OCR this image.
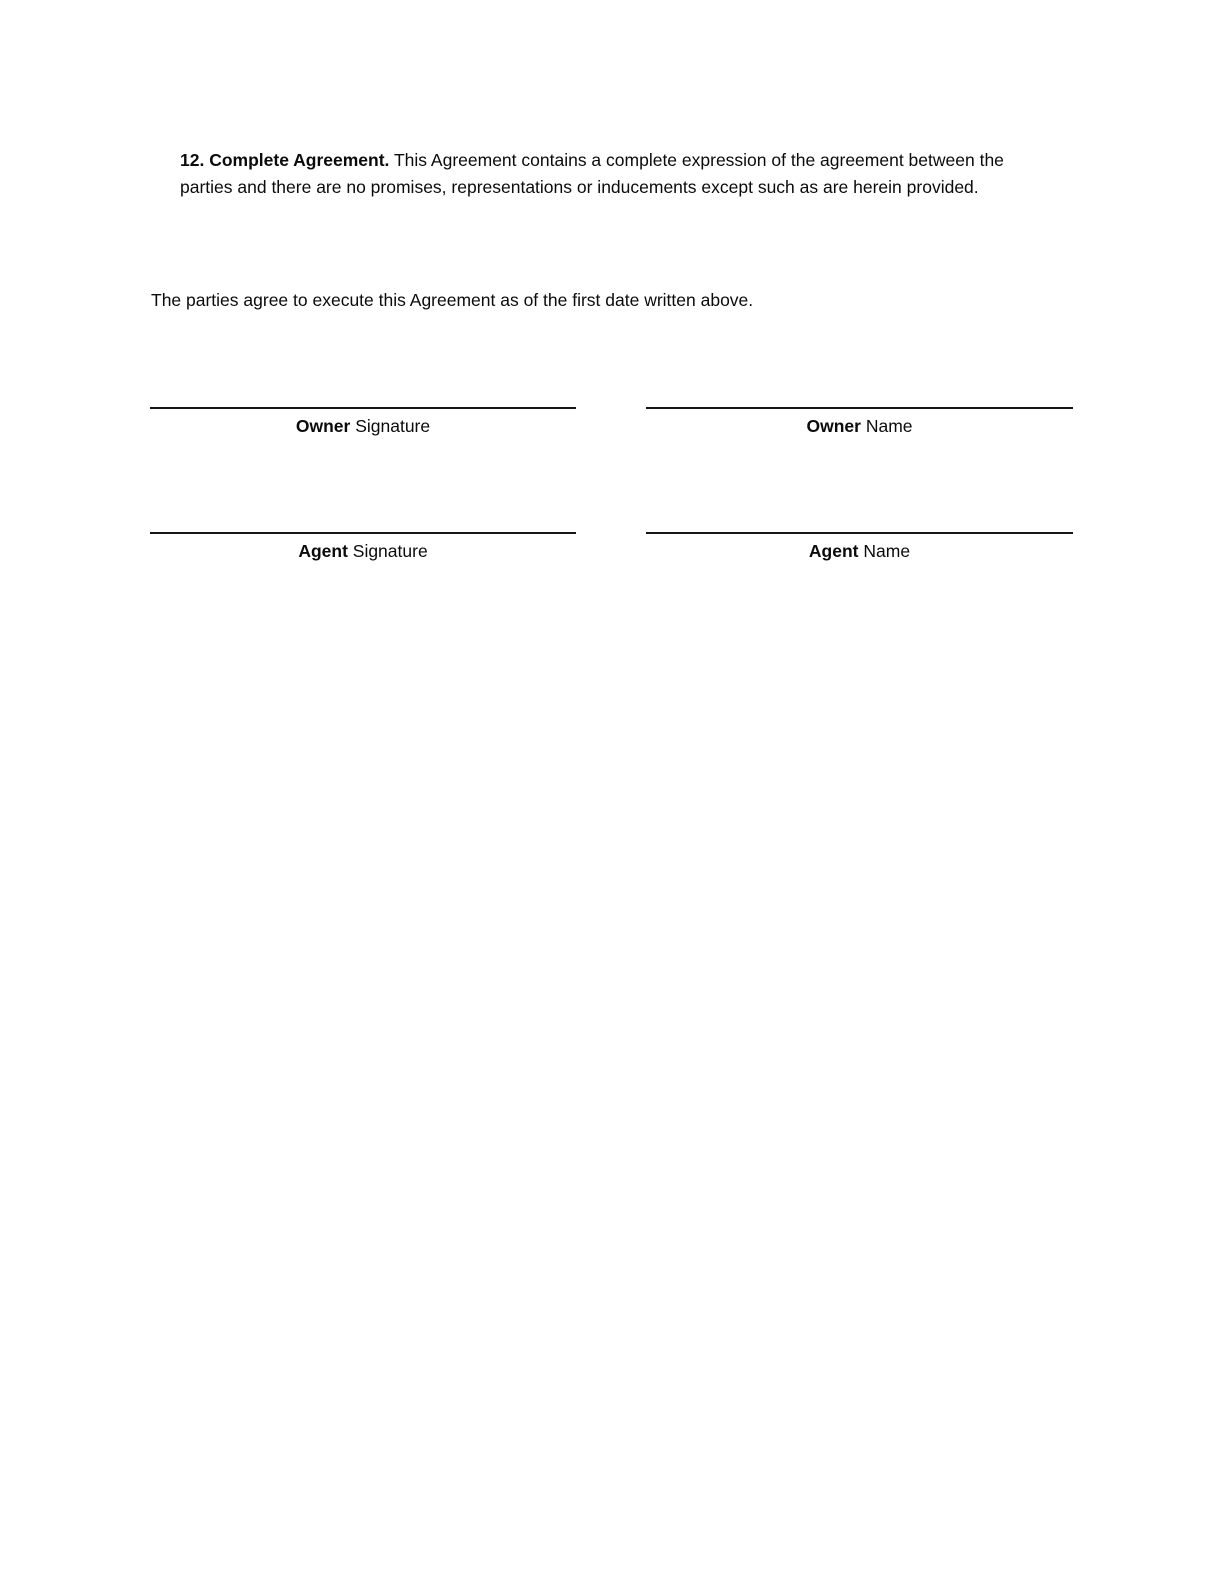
12. Complete Agreement. This Agreement contains a complete expression of the agreement between the parties and there are no promises, representations or inducements except such as are herein provided.

The parties agree to execute this Agreement as of the first date written above.

Owner Signature	Owner Name
Agent Signature	Agent Name
